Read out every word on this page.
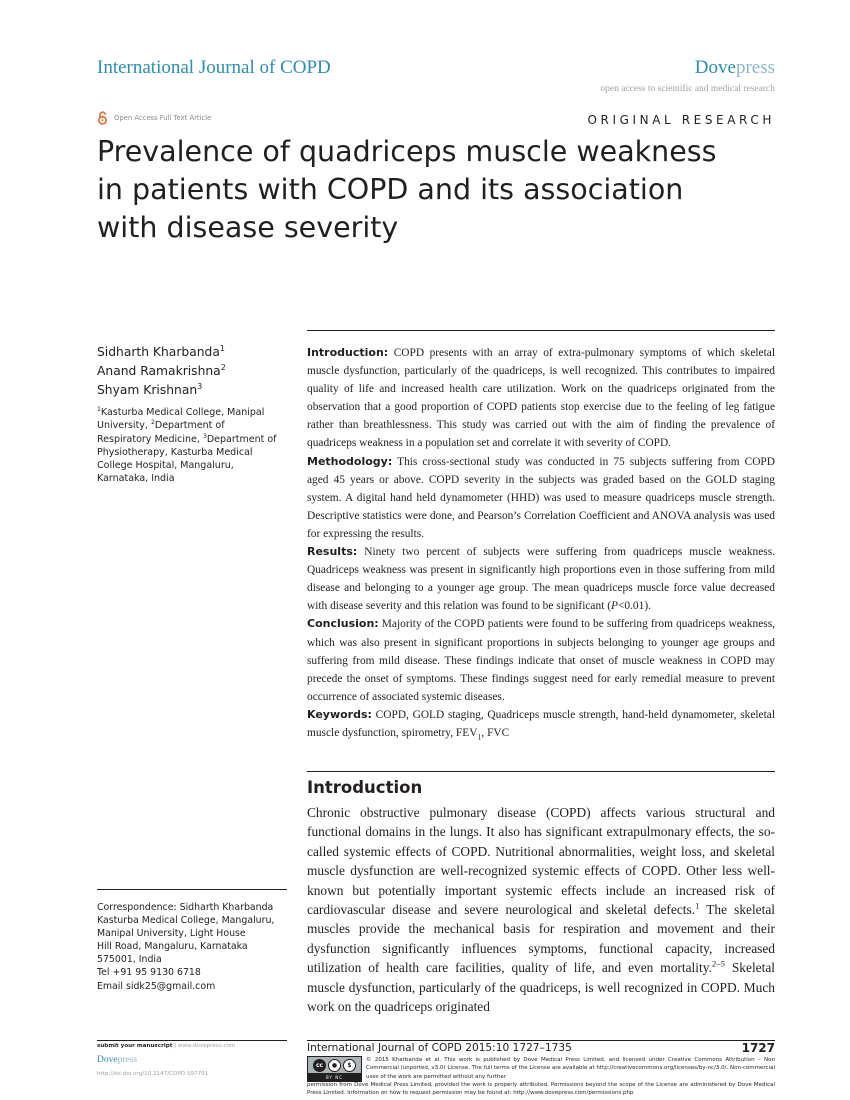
International Journal of COPD	Dovepress
open access to scientific and medical research
Open Access Full Text Article	ORIGINAL RESEARCH
Prevalence of quadriceps muscle weakness in patients with COPD and its association with disease severity
Sidharth Kharbanda$^1$
Anand Ramakrishna$^2$
Shyam Krishnan$^3$
$^1$Kasturba Medical College, Manipal University, $^2$Department of Respiratory Medicine, $^3$Department of Physiotherapy, Kasturba Medical College Hospital, Mangaluru, Karnataka, India

Introduction: COPD presents with an array of extra-pulmonary symptoms of which skeletal muscle dysfunction, particularly of the quadriceps, is well recognized. This contributes to impaired quality of life and increased health care utilization. Work on the quadriceps originated from the observation that a good proportion of COPD patients stop exercise due to the feeling of leg fatigue rather than breathlessness. This study was carried out with the aim of finding the prevalence of quadriceps weakness in a population set and correlate it with severity of COPD.

Methodology: This cross-sectional study was conducted in 75 subjects suffering from COPD aged 45 years or above. COPD severity in the subjects was graded based on the GOLD staging system. A digital hand held dynamometer (HHD) was used to measure quadriceps muscle strength. Descriptive statistics were done, and Pearson’s Correlation Coefficient and ANOVA analysis was used for expressing the results.

Results: Ninety two percent of subjects were suffering from quadriceps muscle weakness. Quadriceps weakness was present in significantly high proportions even in those suffering from mild disease and belonging to a younger age group. The mean quadriceps muscle force value decreased with disease severity and this relation was found to be significant (P<0.01).

Conclusion: Majority of the COPD patients were found to be suffering from quadriceps weakness, which was also present in significant proportions in subjects belonging to younger age groups and suffering from mild disease. These findings indicate that onset of muscle weakness in COPD may precede the onset of symptoms. These findings suggest need for early remedial measure to prevent occurrence of associated systemic diseases.

Keywords: COPD, GOLD staging, Quadriceps muscle strength, hand-held dynamometer, skeletal muscle dysfunction, spirometry, $FEV_1$, FVC

Introduction
Chronic obstructive pulmonary disease (COPD) affects various structural and functional domains in the lungs. It also has significant extrapulmonary effects, the so-called systemic effects of COPD. Nutritional abnormalities, weight loss, and skeletal muscle dysfunction are well-recognized systemic effects of COPD. Other less well-known but potentially important systemic effects include an increased risk of cardiovascular disease and severe neurological and skeletal defects.$^1$ The skeletal muscles provide the mechanical basis for respiration and movement and their dysfunction significantly influences symptoms, functional capacity, increased utilization of health care facilities, quality of life, and even mortality.$^{2-5}$ Skeletal muscle dysfunction, particularly of the quadriceps, is well recognized in COPD. Much work on the quadriceps originated
Correspondence: Sidharth Kharbanda
Kasturba Medical College, Mangaluru,
Manipal University, Light House
Hill Road, Mangaluru, Karnataka
575001, India
Tel +91 95 9130 6718
Email sidk25@gmail.com
submit your manuscript | www.dovepress.com
Dovepress
http://dx.doi.org/10.2147/COPD.S97791
International Journal of COPD 2015:10 1727–1735	1727
cc	●	$
BY NC
© 2015 Kharbanda et al. This work is published by Dove Medical Press Limited, and licensed under Creative Commons Attribution – Non Commercial (unported, v3.0) License. The full terms of the License are available at http://creativecommons.org/licenses/by-nc/3.0/. Non-commercial uses of the work are permitted without any further
permission from Dove Medical Press Limited, provided the work is properly attributed. Permissions beyond the scope of the License are administered by Dove Medical Press Limited. Information on how to request permission may be found at: http://www.dovepress.com/permissions.php
